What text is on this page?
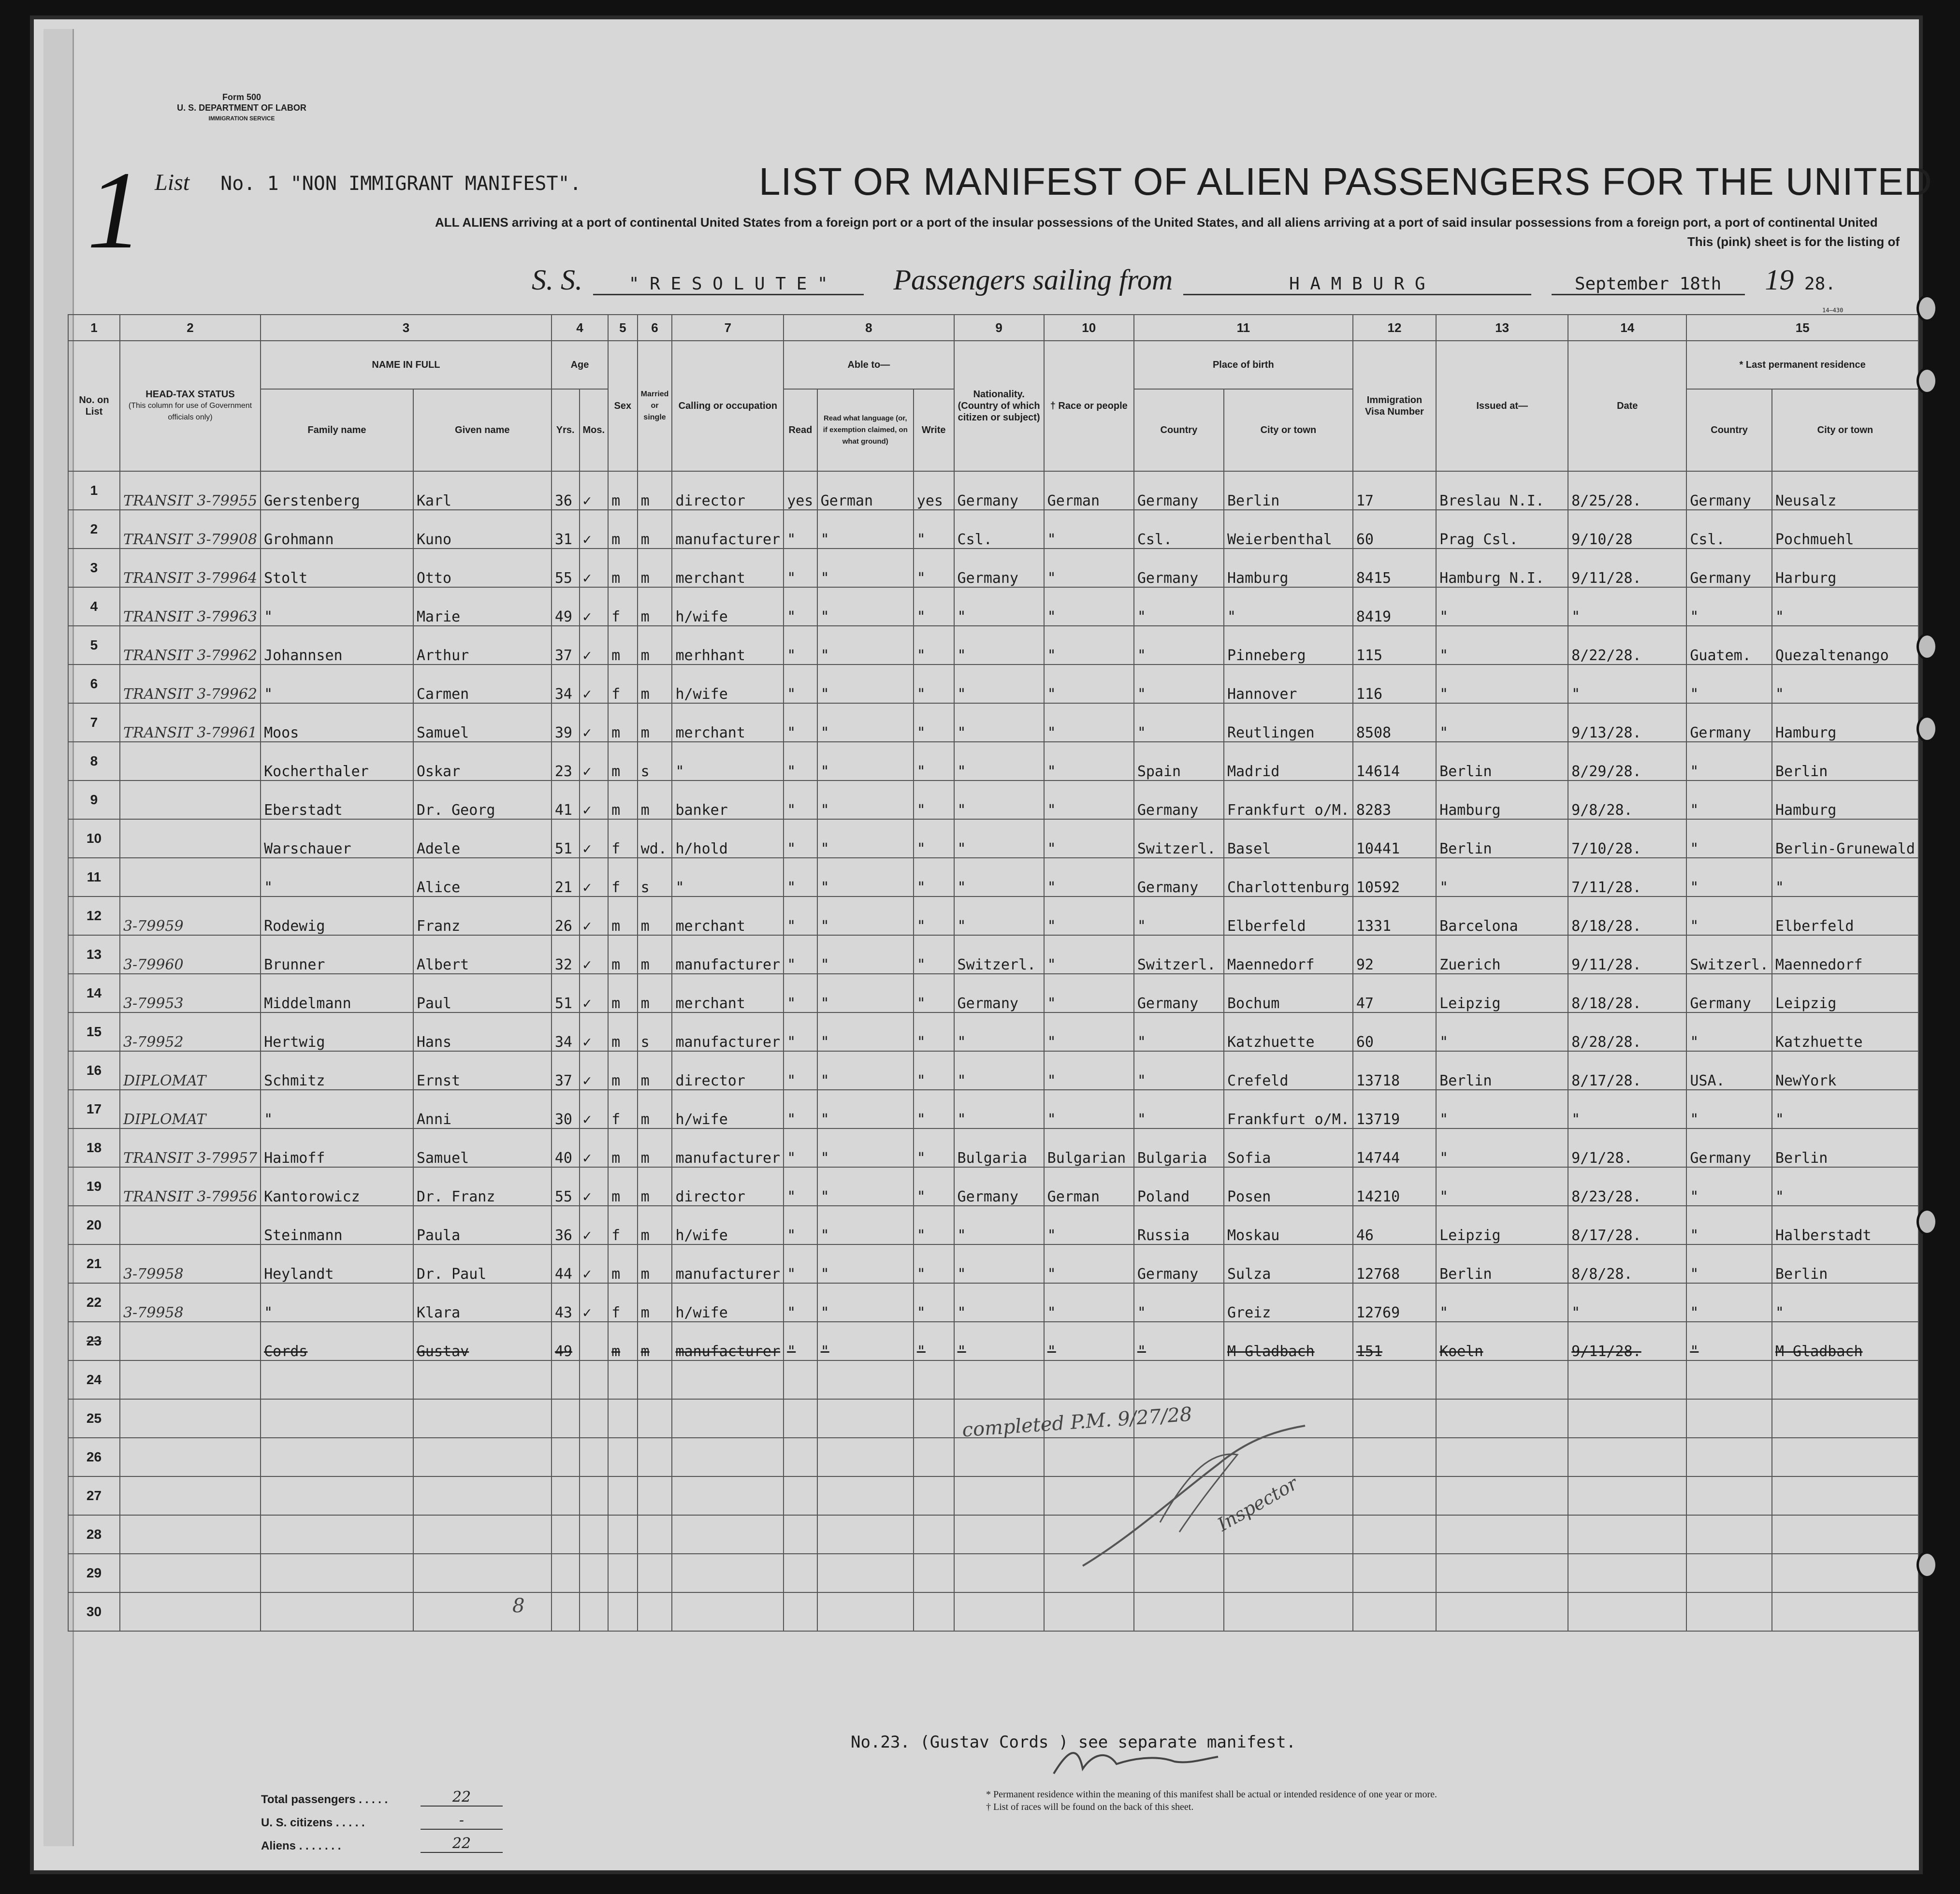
Form 500
U. S. DEPARTMENT OF LABOR
IMMIGRATION SERVICE
1 List No. 1 "NON IMMIGRANT MANIFEST".	LIST OR MANIFEST OF ALIEN PASSENGERS FOR THE UNITED
ALL ALIENS arriving at a port of continental United States from a foreign port or a port of the insular possessions of the United States, and all aliens arriving at a port of said insular possessions from a foreign port, a port of continental United
This (pink) sheet is for the listing of
S. S.	" R E S O L U T E " Passengers sailing from	H A M B U R G	September 18th 19 28.
14—430
1	2	3		4		5	6	7	8			9	10	11		12	13	14	15	
No. on List	HEAD-TAX STATUS
(This column for use of Government officials only)	NAME IN FULL		Age		Sex	Married or single	Calling or occupation	Able to—			Nationality. (Country of which citizen or subject)	† Race or people	Place of birth		Immigration Visa Number	Issued at—	Date	* Last permanent residence	
		Family name	Given name	Yrs.	Mos.				Read	Read what language (or, if exemption claimed, on what ground)	Write			Country	City or town				Country	City or town
1	TRANSIT 3-79955	Gerstenberg	Karl	36	✓	m	m	director	yes	German	yes	Germany	German	Germany	Berlin	17	Breslau N.I.	8/25/28.	Germany	Neusalz
2	TRANSIT 3-79908	Grohmann	Kuno	31	✓	m	m	manufacturer	"	"	"	Csl.	"	Csl.	Weierbenthal	60	Prag Csl.	9/10/28	Csl.	Pochmuehl
3	TRANSIT 3-79964	Stolt	Otto	55	✓	m	m	merchant	"	"	"	Germany	"	Germany	Hamburg	8415	Hamburg N.I.	9/11/28.	Germany	Harburg
4	TRANSIT 3-79963	"	Marie	49	✓	f	m	h/wife	"	"	"	"	"	"	"	8419	"	"	"	"
5	TRANSIT 3-79962	Johannsen	Arthur	37	✓	m	m	merhhant	"	"	"	"	"	"	Pinneberg	115	"	8/22/28.	Guatem.	Quezaltenango
6	TRANSIT 3-79962	"	Carmen	34	✓	f	m	h/wife	"	"	"	"	"	"	Hannover	116	"	"	"	"
7	TRANSIT 3-79961	Moos	Samuel	39	✓	m	m	merchant	"	"	"	"	"	"	Reutlingen	8508	"	9/13/28.	Germany	Hamburg
8		Kocherthaler	Oskar	23	✓	m	s	"	"	"	"	"	"	Spain	Madrid	14614	Berlin	8/29/28.	"	Berlin
9		Eberstadt	Dr. Georg	41	✓	m	m	banker	"	"	"	"	"	Germany	Frankfurt o/M.	8283	Hamburg	9/8/28.	"	Hamburg
10		Warschauer	Adele	51	✓	f	wd.	h/hold	"	"	"	"	"	Switzerl.	Basel	10441	Berlin	7/10/28.	"	Berlin-Grunewald
11		"	Alice	21	✓	f	s	"	"	"	"	"	"	Germany	Charlottenburg	10592	"	7/11/28.	"	"
12	3-79959	Rodewig	Franz	26	✓	m	m	merchant	"	"	"	"	"	"	Elberfeld	1331	Barcelona	8/18/28.	"	Elberfeld
13	3-79960	Brunner	Albert	32	✓	m	m	manufacturer	"	"	"	Switzerl.	"	Switzerl.	Maennedorf	92	Zuerich	9/11/28.	Switzerl.	Maennedorf
14	3-79953	Middelmann	Paul	51	✓	m	m	merchant	"	"	"	Germany	"	Germany	Bochum	47	Leipzig	8/18/28.	Germany	Leipzig
15	3-79952	Hertwig	Hans	34	✓	m	s	manufacturer	"	"	"	"	"	"	Katzhuette	60	"	8/28/28.	"	Katzhuette
16	DIPLOMAT	Schmitz	Ernst	37	✓	m	m	director	"	"	"	"	"	"	Crefeld	13718	Berlin	8/17/28.	USA.	NewYork
17	DIPLOMAT	"	Anni	30	✓	f	m	h/wife	"	"	"	"	"	"	Frankfurt o/M.	13719	"	"	"	"
18	TRANSIT 3-79957	Haimoff	Samuel	40	✓	m	m	manufacturer	"	"	"	Bulgaria	Bulgarian	Bulgaria	Sofia	14744	"	9/1/28.	Germany	Berlin
19	TRANSIT 3-79956	Kantorowicz	Dr. Franz	55	✓	m	m	director	"	"	"	Germany	German	Poland	Posen	14210	"	8/23/28.	"	"
20		Steinmann	Paula	36	✓	f	m	h/wife	"	"	"	"	"	Russia	Moskau	46	Leipzig	8/17/28.	"	Halberstadt
21	3-79958	Heylandt	Dr. Paul	44	✓	m	m	manufacturer	"	"	"	"	"	Germany	Sulza	12768	Berlin	8/8/28.	"	Berlin
22	3-79958	"	Klara	43	✓	f	m	h/wife	"	"	"	"	"	"	Greiz	12769	"	"	"	"
23		Cords	Gustav	49		m	m	manufacturer	"	"	"	"	"	"	M-Gladbach	151	Koeln	9/11/28.	"	M-Gladbach
24																				
25																				
26																				
27																				
28																				
29																				
30																				
completed P.M. 9/27/28
Inspector
8
No.23. (Gustav Cords ) see separate manifest.
Total passengers . . . . .	22
U. S. citizens . . . . .	-
Aliens . . . . . . .	22
* Permanent residence within the meaning of this manifest shall be actual or intended residence of one year or more.
† List of races will be found on the back of this sheet.
